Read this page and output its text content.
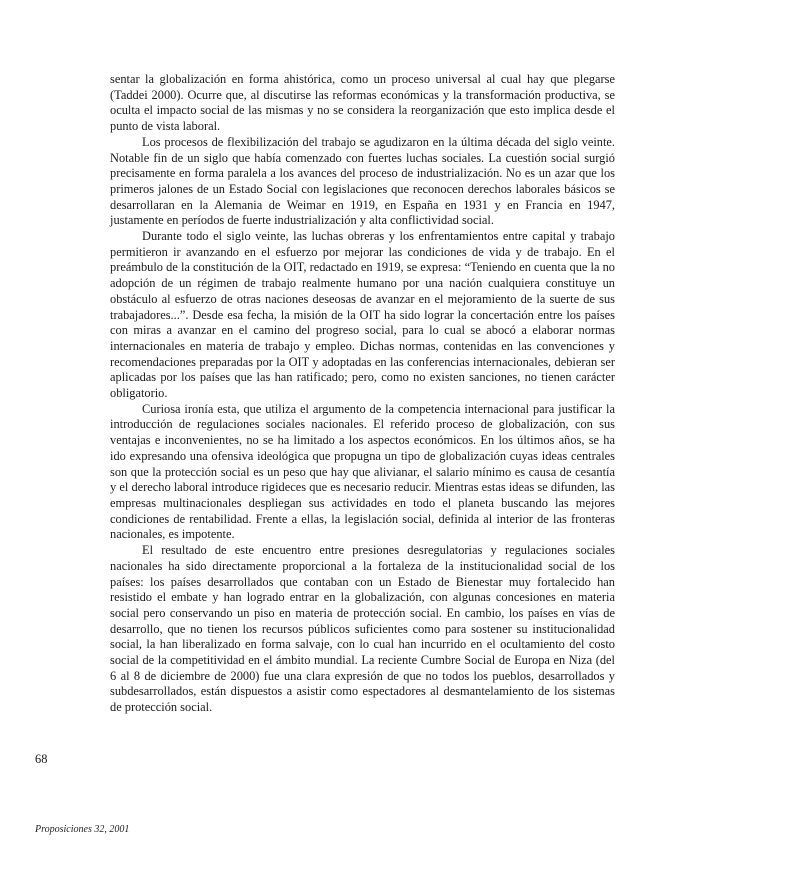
sentar la globalización en forma ahistórica, como un proceso universal al cual hay que plegarse (Taddei 2000). Ocurre que, al discutirse las reformas económicas y la transformación productiva, se oculta el impacto social de las mismas y no se considera la reorganización que esto implica desde el punto de vista laboral.

Los procesos de flexibilización del trabajo se agudizaron en la última década del siglo veinte. Notable fin de un siglo que había comenzado con fuertes luchas sociales. La cuestión social surgió precisamente en forma paralela a los avances del proceso de industrialización. No es un azar que los primeros jalones de un Estado Social con legislaciones que reconocen derechos laborales básicos se desarrollaran en la Alemania de Weimar en 1919, en España en 1931 y en Francia en 1947, justamente en períodos de fuerte industrialización y alta conflictividad social.

Durante todo el siglo veinte, las luchas obreras y los enfrentamientos entre capital y trabajo permitieron ir avanzando en el esfuerzo por mejorar las condiciones de vida y de trabajo. En el preámbulo de la constitución de la OIT, redactado en 1919, se expresa: “Teniendo en cuenta que la no adopción de un régimen de trabajo realmente humano por una nación cualquiera constituye un obstáculo al esfuerzo de otras naciones deseosas de avanzar en el mejoramiento de la suerte de sus trabajadores...”. Desde esa fecha, la misión de la OIT ha sido lograr la concertación entre los países con miras a avanzar en el camino del progreso social, para lo cual se abocó a elaborar normas internacionales en materia de trabajo y empleo. Dichas normas, contenidas en las convenciones y recomendaciones preparadas por la OIT y adoptadas en las conferencias internacionales, debieran ser aplicadas por los países que las han ratificado; pero, como no existen sanciones, no tienen carácter obligatorio.

Curiosa ironía esta, que utiliza el argumento de la competencia internacional para justificar la introducción de regulaciones sociales nacionales. El referido proceso de globalización, con sus ventajas e inconvenientes, no se ha limitado a los aspectos económicos. En los últimos años, se ha ido expresando una ofensiva ideológica que propugna un tipo de globalización cuyas ideas centrales son que la protección social es un peso que hay que alivianar, el salario mínimo es causa de cesantía y el derecho laboral introduce rigideces que es necesario reducir. Mientras estas ideas se difunden, las empresas multinacionales despliegan sus actividades en todo el planeta buscando las mejores condiciones de rentabilidad. Frente a ellas, la legislación social, definida al interior de las fronteras nacionales, es impotente.

El resultado de este encuentro entre presiones desregulatorias y regulaciones sociales nacionales ha sido directamente proporcional a la fortaleza de la institucionalidad social de los países: los países desarrollados que contaban con un Estado de Bienestar muy fortalecido han resistido el embate y han logrado entrar en la globalización, con algunas concesiones en materia social pero conservando un piso en materia de protección social. En cambio, los países en vías de desarrollo, que no tienen los recursos públicos suficientes como para sostener su institucionalidad social, la han liberalizado en forma salvaje, con lo cual han incurrido en el ocultamiento del costo social de la competitividad en el ámbito mundial. La reciente Cumbre Social de Europa en Niza (del 6 al 8 de diciembre de 2000) fue una clara expresión de que no todos los pueblos, desarrollados y subdesarrollados, están dispuestos a asistir como espectadores al desmantelamiento de los sistemas de protección social.

68
Proposiciones 32, 2001
